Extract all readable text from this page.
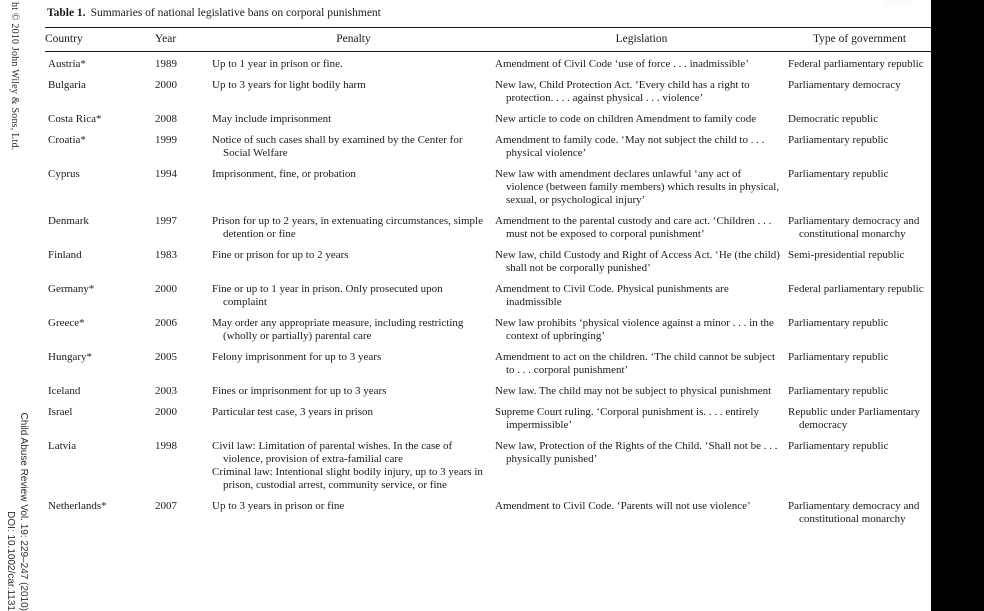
ht © 2010 John Wiley & Sons, Ltd.
Child Abuse Review Vol. 19: 229–247 (2010)
DOI: 10.1002/car.1131

Table 1. Summaries of national legislative bans on corporal punishment

Country	Year	Penalty	Legislation	Type of government
Austria*	1989	Up to 1 year in prison or fine.	Amendment of Civil Code ‘use of force . . . inadmissible’	Federal parliamentary republic

Bulgaria	2000	Up to 3 years for light bodily harm	New law, Child Protection Act. ‘Every child has a right to protection. . . . against physical . . . violence’	Parliamentary democracy

Costa Rica*	2008	May include imprisonment	New article to code on children Amendment to family code	Democratic republic

Croatia*	1999	Notice of such cases shall by examined by the Center for Social Welfare	Amendment to family code. ‘May not subject the child to . . . physical violence’	Parliamentary republic

Cyprus	1994	Imprisonment, fine, or probation	New law with amendment declares unlawful ‘any act of violence (between family members) which results in physical, sexual, or psychological injury’	Parliamentary republic

Denmark	1997	Prison for up to 2 years, in extenuating circumstances, simple detention or fine	Amendment to the parental custody and care act. ‘Children . . . must not be exposed to corporal punishment’	Parliamentary democracy and constitutional monarchy

Finland	1983	Fine or prison for up to 2 years	New law, child Custody and Right of Access Act. ‘He (the child) shall not be corporally punished’	Semi-presidential republic

Germany*	2000	Fine or up to 1 year in prison. Only prosecuted upon complaint	Amendment to Civil Code. Physical punishments are inadmissible	Federal parliamentary republic

Greece*	2006	May order any appropriate measure, including restricting (wholly or partially) parental care	New law prohibits ‘physical violence against a minor . . . in the context of upbringing’	Parliamentary republic

Hungary*	2005	Felony imprisonment for up to 3 years	Amendment to act on the children. ‘The child cannot be subject to . . . corporal punishment’	Parliamentary republic

Iceland	2003	Fines or imprisonment for up to 3 years	New law. The child may not be subject to physical punishment	Parliamentary republic

Israel	2000	Particular test case, 3 years in prison	Supreme Court ruling. ‘Corporal punishment is. . . . entirely impermissible’	Republic under Parliamentary democracy

Latvia	1998	Civil law: Limitation of parental wishes. In the case of violence, provision of extra-familial care
Criminal law: Intentional slight bodily injury, up to 3 years in prison, custodial arrest, community service, or fine	New law, Protection of the Rights of the Child. ‘Shall not be . . . physically punished’	Parliamentary republic

Netherlands*	2007	Up to 3 years in prison or fine	Amendment to Civil Code. ‘Parents will not use violence’	Parliamentary democracy and constitutional monarchy
